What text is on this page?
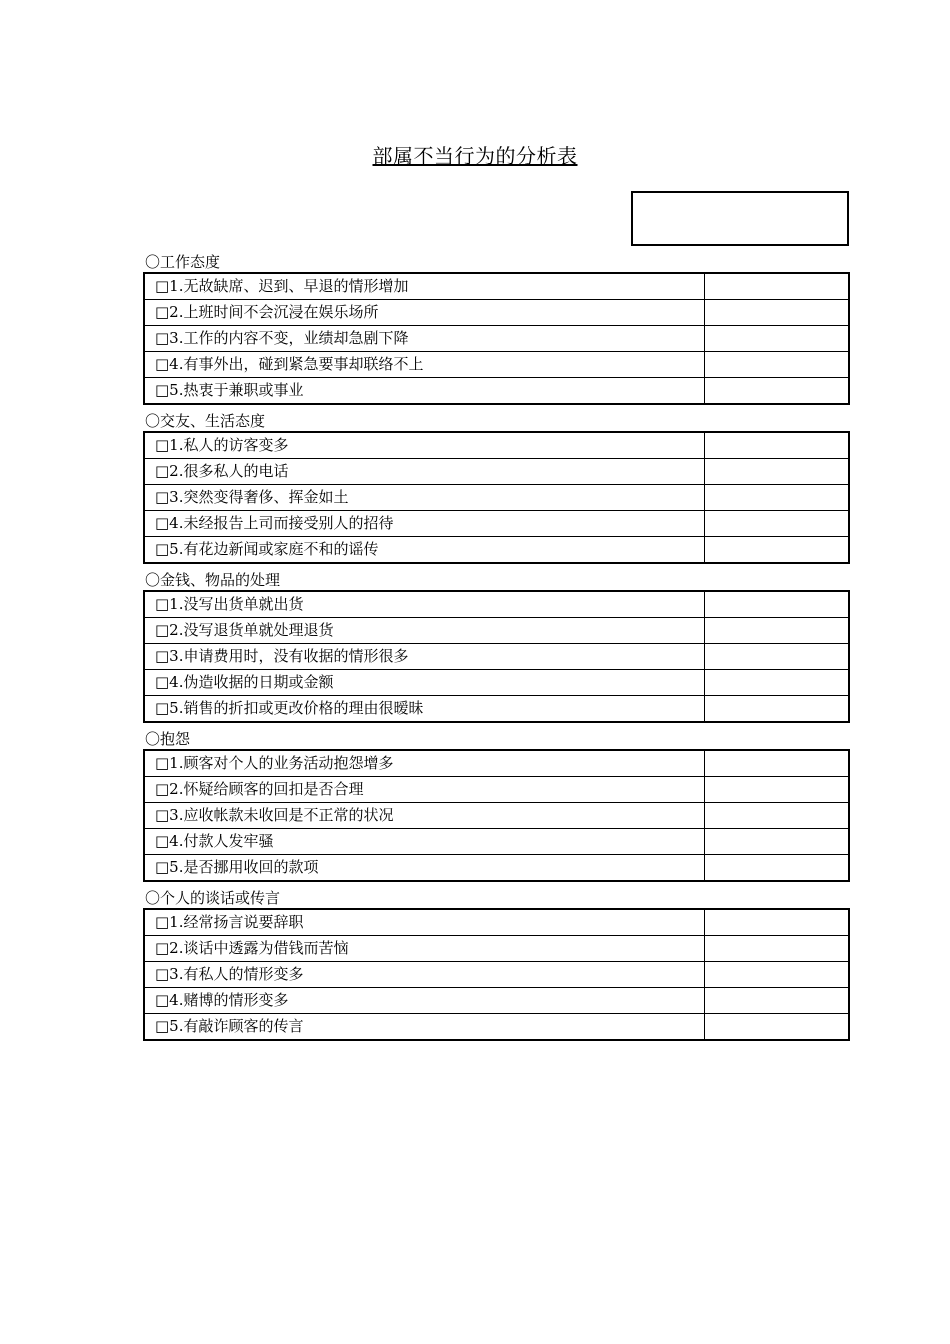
部属不当行为的分析表
〇工作态度
□1.无故缺席、迟到、早退的情形增加	
□2.上班时间不会沉浸在娱乐场所	
□3.工作的内容不变，业绩却急剧下降	
□4.有事外出，碰到紧急要事却联络不上	
□5.热衷于兼职或事业	
〇交友、生活态度
□1.私人的访客变多	
□2.很多私人的电话	
□3.突然变得奢侈、挥金如土	
□4.未经报告上司而接受别人的招待	
□5.有花边新闻或家庭不和的谣传	
〇金钱、物品的处理
□1.没写出货单就出货	
□2.没写退货单就处理退货	
□3.申请费用时，没有收据的情形很多	
□4.伪造收据的日期或金额	
□5.销售的折扣或更改价格的理由很暧昧	
〇抱怨
□1.顾客对个人的业务活动抱怨增多	
□2.怀疑给顾客的回扣是否合理	
□3.应收帐款未收回是不正常的状况	
□4.付款人发牢骚	
□5.是否挪用收回的款项	
〇个人的谈话或传言
□1.经常扬言说要辞职	
□2.谈话中透露为借钱而苦恼	
□3.有私人的情形变多	
□4.赌博的情形变多	
□5.有敲诈顾客的传言	
